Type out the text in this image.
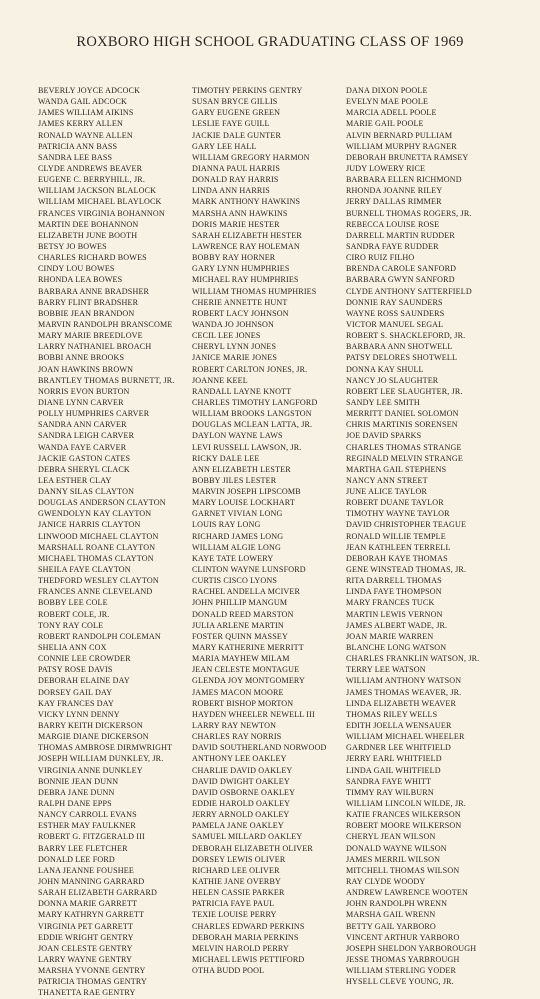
ROXBORO HIGH SCHOOL GRADUATING CLASS OF 1969
BEVERLY JOYCE ADCOCK
WANDA GAIL ADCOCK
JAMES WILLIAM AIKINS
JAMES KERRY ALLEN
RONALD WAYNE ALLEN
PATRICIA ANN BASS
SANDRA LEE BASS
CLYDE ANDREWS BEAVER
EUGENE C. BERRYHILL, JR.
WILLIAM JACKSON BLALOCK
WILLIAM MICHAEL BLAYLOCK
FRANCES VIRGINIA BOHANNON
MARTIN DEE BOHANNON
ELIZABETH JUNE BOOTH
BETSY JO BOWES
CHARLES RICHARD BOWES
CINDY LOU BOWES
RHONDA LEA BOWES
BARBARA ANNE BRADSHER
BARRY FLINT BRADSHER
BOBBIE JEAN BRANDON
MARVIN RANDOLPH BRANSCOME
MARY MARIE BREEDLOVE
LARRY NATHANIEL BROACH
BOBBI ANNE BROOKS
JOAN HAWKINS BROWN
BRANTLEY THOMAS BURNETT, JR.
NORRIS EVON BURTON
DIANE LYNN CARVER
POLLY HUMPHRIES CARVER
SANDRA ANN CARVER
SANDRA LEIGH CARVER
WANDA FAYE CARVER
JACKIE GASTON CATES
DEBRA SHERYL CLACK
LEA ESTHER CLAY
DANNY SILAS CLAYTON
DOUGLAS ANDERSON CLAYTON
GWENDOLYN KAY CLAYTON
JANICE HARRIS CLAYTON
LINWOOD MICHAEL CLAYTON
MARSHALL ROANE CLAYTON
MICHAEL THOMAS CLAYTON
SHEILA FAYE CLAYTON
THEDFORD WESLEY CLAYTON
FRANCES ANNE CLEVELAND
BOBBY LEE COLE
ROBERT COLE, JR.
TONY RAY COLE
ROBERT RANDOLPH COLEMAN
SHELIA ANN COX
CONNIE LEE CROWDER
PATSY ROSE DAVIS
DEBORAH ELAINE DAY
DORSEY GAIL DAY
KAY FRANCES DAY
VICKY LYNN DENNY
BARRY KEITH DICKERSON
MARGIE DIANE DICKERSON
THOMAS AMBROSE DIRMWRIGHT
JOSEPH WILLIAM DUNKLEY, JR.
VIRGINIA ANNE DUNKLEY
BONNIE JEAN DUNN
DEBRA JANE DUNN
RALPH DANE EPPS
NANCY CARROLL EVANS
ESTHER MAY FAULKNER
ROBERT G. FITZGERALD III
BARRY LEE FLETCHER
DONALD LEE FORD
LANA JEANNE FOUSHEE
JOHN MANNING GARRARD
SARAH ELIZABETH GARRARD
DONNA MARIE GARRETT
MARY KATHRYN GARRETT
VIRGINIA PET GARRETT
EDDIE WRIGHT GENTRY
JOAN CELESTE GENTRY
LARRY WAYNE GENTRY
MARSHA YVONNE GENTRY
PATRICIA THOMAS GENTRY
THANETTA RAE GENTRY
TIMOTHY PERKINS GENTRY
SUSAN BRYCE GILLIS
GARY EUGENE GREEN
LESLIE FAYE GUILL
JACKIE DALE GUNTER
GARY LEE HALL
WILLIAM GREGORY HARMON
DIANNA PAUL HARRIS
DONALD RAY HARRIS
LINDA ANN HARRIS
MARK ANTHONY HAWKINS
MARSHA ANN HAWKINS
DORIS MARIE HESTER
SARAH ELIZABETH HESTER
LAWRENCE RAY HOLEMAN
BOBBY RAY HORNER
GARY LYNN HUMPHRIES
MICHAEL RAY HUMPHRIES
WILLIAM THOMAS HUMPHRIES
CHERIE ANNETTE HUNT
ROBERT LACY JOHNSON
WANDA JO JOHNSON
CECIL LEE JONES
CHERYL LYNN JONES
JANICE MARIE JONES
ROBERT CARLTON JONES, JR.
JOANNE KEEL
RANDALL LAYNE KNOTT
CHARLES TIMOTHY LANGFORD
WILLIAM BROOKS LANGSTON
DOUGLAS MCLEAN LATTA, JR.
DAYLON WAYNE LAWS
LEVI RUSSELL LAWSON, JR.
RICKY DALE LEE
ANN ELIZABETH LESTER
BOBBY JILES LESTER
MARVIN JOSEPH LIPSCOMB
MARY LOUISE LOCKHART
GARNET VIVIAN LONG
LOUIS RAY LONG
RICHARD JAMES LONG
WILLIAM ALGIE LONG
KAYE TATE LOWERY
CLINTON WAYNE LUNSFORD
CURTIS CISCO LYONS
RACHEL ANDELLA MCIVER
JOHN PHILLIP MANGUM
DONALD REED MARSTON
JULIA ARLENE MARTIN
FOSTER QUINN MASSEY
MARY KATHERINE MERRITT
MARIA MAYHEW MILAM
JEAN CELESTE MONTAGUE
GLENDA JOY MONTGOMERY
JAMES MACON MOORE
ROBERT BISHOP MORTON
HAYDEN WHEELER NEWELL III
LARRY RAY NEWTON
CHARLES RAY NORRIS
DAVID SOUTHERLAND NORWOOD
ANTHONY LEE OAKLEY
CHARLIE DAVID OAKLEY
DAVID DWIGHT OAKLEY
DAVID OSBORNE OAKLEY
EDDIE HAROLD OAKLEY
JERRY ARNOLD OAKLEY
PAMELA JANE OAKLEY
SAMUEL MILLARD OAKLEY
DEBORAH ELIZABETH OLIVER
DORSEY LEWIS OLIVER
RICHARD LEE OLIVER
KATHIE JANE OVERBY
HELEN CASSIE PARKER
PATRICIA FAYE PAUL
TEXIE LOUISE PERRY
CHARLES EDWARD PERKINS
DEBORAH MARIA PERKINS
MELVIN HAROLD PERRY
MICHAEL LEWIS PETTIFORD
OTHA BUDD POOL
DANA DIXON POOLE
EVELYN MAE POOLE
MARCIA ADELL POOLE
MARIE GAIL POOLE
ALVIN BERNARD PULLIAM
WILLIAM MURPHY RAGNER
DEBORAH BRUNETTA RAMSEY
JUDY LOWERY RICE
BARBARA ELLEN RICHMOND
RHONDA JOANNE RILEY
JERRY DALLAS RIMMER
BURNELL THOMAS ROGERS, JR.
REBECCA LOUISE ROSE
DARRELL MARTIN RUDDER
SANDRA FAYE RUDDER
CIRO RUIZ FILHO
BRENDA CAROLE SANFORD
BARBARA GWYN SANFORD
CLYDE ANTHONY SATTERFIELD
DONNIE RAY SAUNDERS
WAYNE ROSS SAUNDERS
VICTOR MANUEL SEGAL
ROBERT S. SHACKLEFORD, JR.
BARBARA ANN SHOTWELL
PATSY DELORES SHOTWELL
DONNA KAY SHULL
NANCY JO SLAUGHTER
ROBERT LEE SLAUGHTER, JR.
SANDY LEE SMITH
MERRITT DANIEL SOLOMON
CHRIS MARTINIS SORENSEN
JOE DAVID SPARKS
CHARLES THOMAS STRANGE
REGINALD MELVIN STRANGE
MARTHA GAIL STEPHENS
NANCY ANN STREET
JUNE ALICE TAYLOR
ROBERT DUANE TAYLOR
TIMOTHY WAYNE TAYLOR
DAVID CHRISTOPHER TEAGUE
RONALD WILLIE TEMPLE
JEAN KATHLEEN TERRELL
DEBORAH KAYE THOMAS
GENE WINSTEAD THOMAS, JR.
RITA DARRELL THOMAS
LINDA FAYE THOMPSON
MARY FRANCES TUCK
MARTIN LEWIS VERNON
JAMES ALBERT WADE, JR.
JOAN MARIE WARREN
BLANCHE LONG WATSON
CHARLES FRANKLIN WATSON, JR.
TERRY LEE WATSON
WILLIAM ANTHONY WATSON
JAMES THOMAS WEAVER, JR.
LINDA ELIZABETH WEAVER
THOMAS RILEY WELLS
EDITH JOELLA WENSAUER
WILLIAM MICHAEL WHEELER
GARDNER LEE WHITFIELD
JERRY EARL WHITFIELD
LINDA GAIL WHITFIELD
SANDRA FAYE WHITT
TIMMY RAY WILBURN
WILLIAM LINCOLN WILDE, JR.
KATIE FRANCES WILKERSON
ROBERT MOORE WILKERSON
CHERYL JEAN WILSON
DONALD WAYNE WILSON
JAMES MERRIL WILSON
MITCHELL THOMAS WILSON
RAY CLYDE WOODY
ANDREW LAWRENCE WOOTEN
JOHN RANDOLPH WRENN
MARSHA GAIL WRENN
BETTY GAIL YARBORO
VINCENT ARTHUR YARBORO
JOSEPH SHELDON YARBOROUGH
JESSE THOMAS YARBROUGH
WILLIAM STERLING YODER
HYSELL CLEVE YOUNG, JR.
